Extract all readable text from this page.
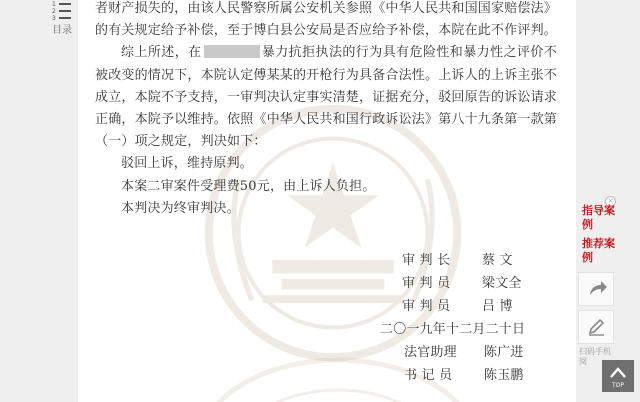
1
2
3
目录

者财产损失的，由该人民警察所属公安机关参照《中华人民共和国国家赔偿法》的有关规定给予补偿，至于博白县公安局是否应给予补偿，本院在此不作评判。

综上所述，在	暴力抗拒执法的行为具有危险性和暴力性之评价不被改变的情况下，本院认定傅某某的开枪行为具备合法性。上诉人的上诉主张不成立，本院不予支持，一审判决认定事实清楚，证据充分，驳回原告的诉讼请求正确，本院予以维持。依照《中华人民共和国行政诉讼法》第八十九条第一款第（一）项之规定，判决如下：

驳回上诉，维持原判。

本案二审案件受理费50元，由上诉人负担。

本判决为终审判决。

审 判 长 蔡 文
审 判 员 梁文全
审 判 员 吕 博
二〇一九年十二月二十日
法官助理 陈广进
书 记 员 陈玉鹏
×
指导案例
推荐案例
扫码手机阅
TOP
